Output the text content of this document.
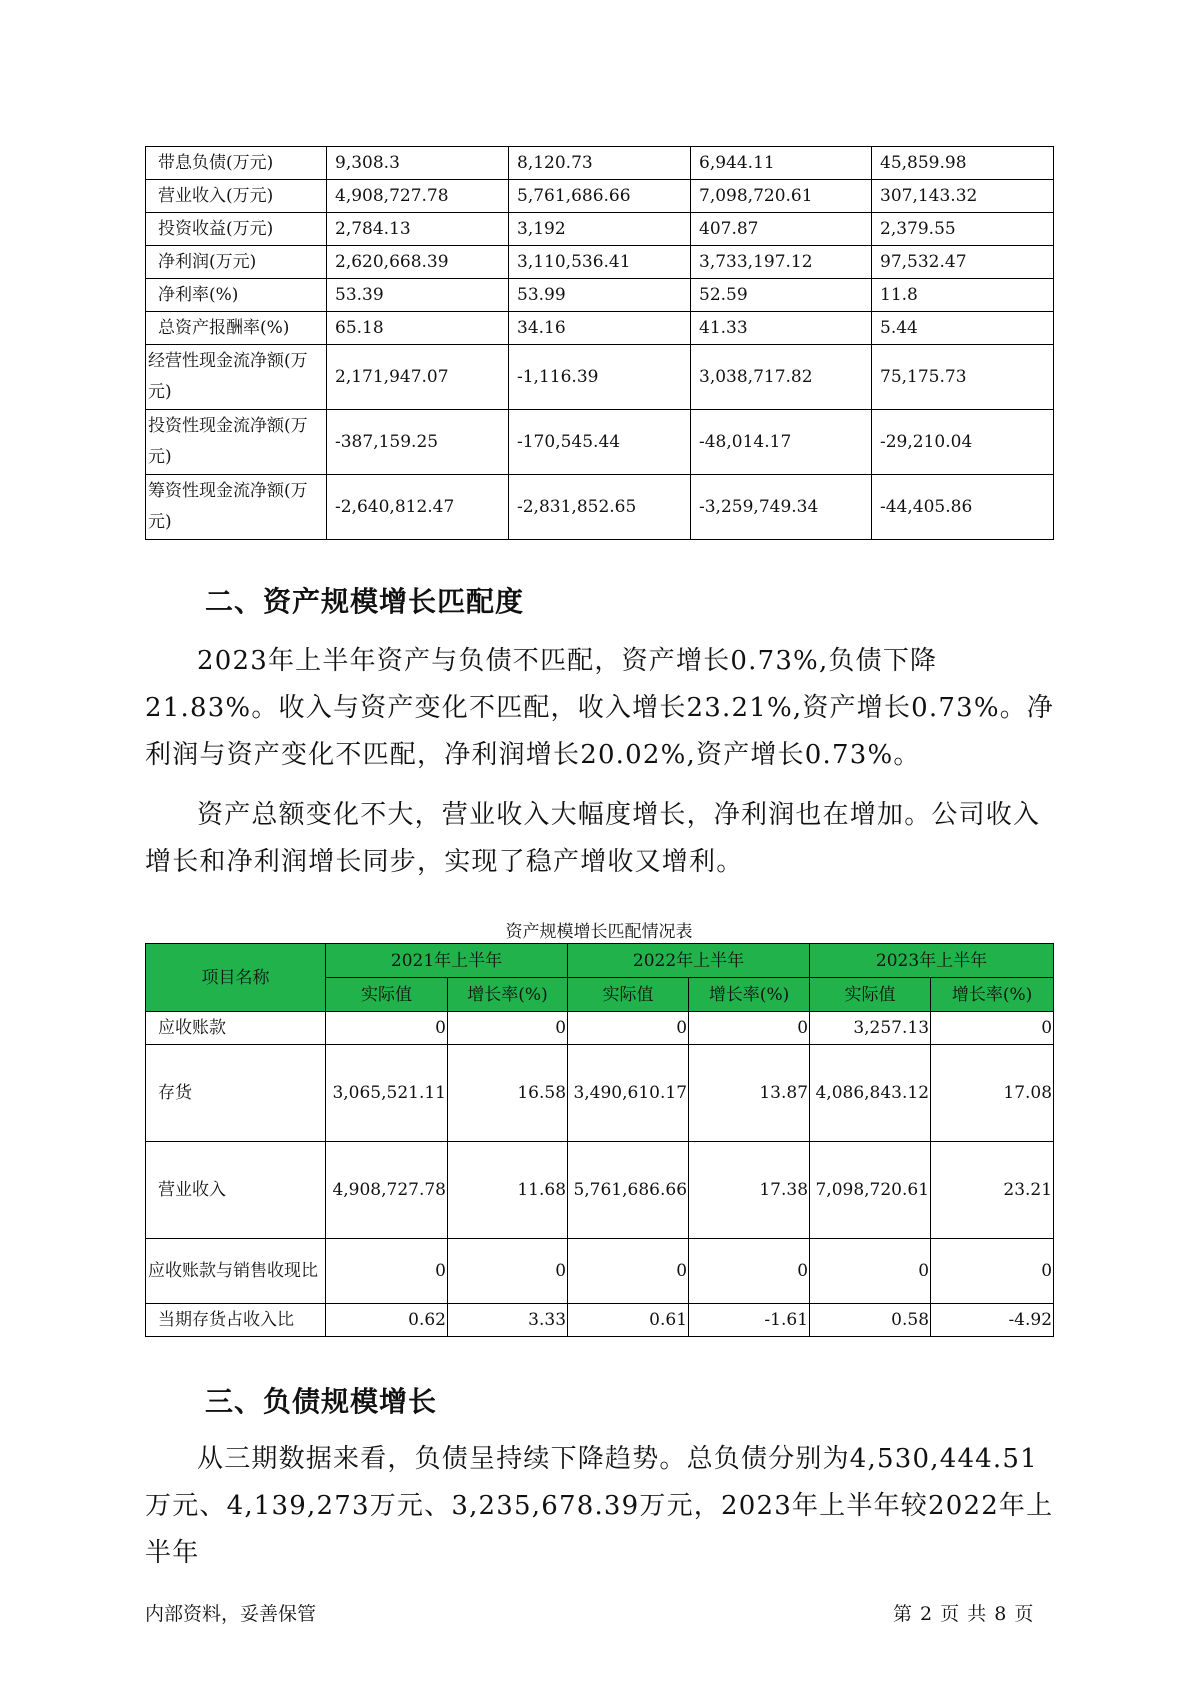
带息负债(万元)	9,308.3	8,120.73	6,944.11	45,859.98
营业收入(万元)	4,908,727.78	5,761,686.66	7,098,720.61	307,143.32
投资收益(万元)	2,784.13	3,192	407.87	2,379.55
净利润(万元)	2,620,668.39	3,110,536.41	3,733,197.12	97,532.47
净利率(%)	53.39	53.99	52.59	11.8
总资产报酬率(%)	65.18	34.16	41.33	5.44
经营性现金流净额(万元)	2,171,947.07	-1,116.39	3,038,717.82	75,175.73
投资性现金流净额(万元)	-387,159.25	-170,545.44	-48,014.17	-29,210.04
筹资性现金流净额(万元)	-2,640,812.47	-2,831,852.65	-3,259,749.34	-44,405.86
二、资产规模增长匹配度
2023年上半年资产与负债不匹配，资产增长0.73%,负债下降21.83%。收入与资产变化不匹配，收入增长23.21%,资产增长0.73%。净利润与资产变化不匹配，净利润增长20.02%,资产增长0.73%。
资产总额变化不大，营业收入大幅度增长，净利润也在增加。公司收入增长和净利润增长同步，实现了稳产增收又增利。
资产规模增长匹配情况表
项目名称	2021年上半年		2022年上半年		2023年上半年	
	实际值	增长率(%)	实际值	增长率(%)	实际值	增长率(%)
应收账款	0	0	0	0	3,257.13	0
存货	3,065,521.11	16.58	3,490,610.17	13.87	4,086,843.12	17.08
营业收入	4,908,727.78	11.68	5,761,686.66	17.38	7,098,720.61	23.21
应收账款与销售收现比	0	0	0	0	0	0
当期存货占收入比	0.62	3.33	0.61	-1.61	0.58	-4.92
三、负债规模增长
从三期数据来看，负债呈持续下降趋势。总负债分别为4,530,444.51万元、4,139,273万元、3,235,678.39万元，2023年上半年较2022年上半年
内部资料，妥善保管	第 2 页 共 8 页
